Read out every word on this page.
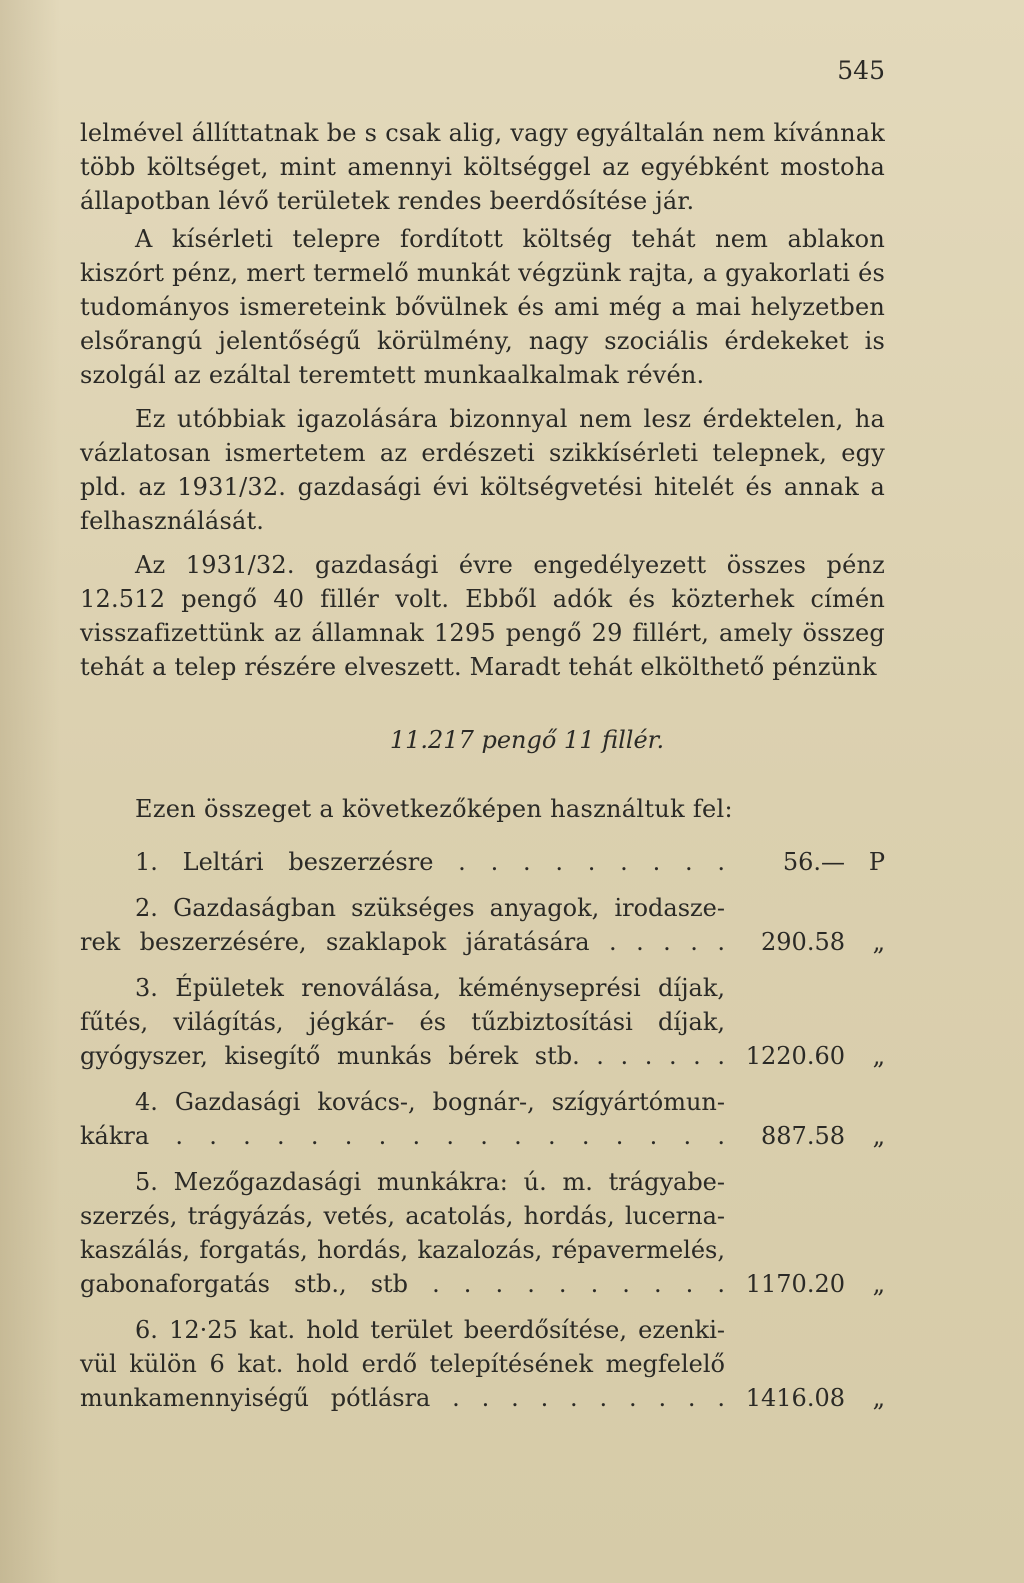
545

lelmével állíttatnak be s csak alig, vagy egyáltalán nem kívánnak több költséget, mint amennyi költséggel az egyébként mostoha állapotban lévő területek rendes beerdősítése jár.

A kísérleti telepre fordított költség tehát nem ablakon kiszórt pénz, mert termelő munkát végzünk rajta, a gyakorlati és tudományos ismereteink bővülnek és ami még a mai helyzetben elsőrangú jelentőségű körülmény, nagy szociális érdekeket is szolgál az ezáltal teremtett munkaalkalmak révén.

Ez utóbbiak igazolására bizonnyal nem lesz érdektelen, ha vázlatosan ismertetem az erdészeti szikkísérleti telepnek, egy pld. az 1931/32. gazdasági évi költségvetési hitelét és annak a felhasználását.

Az 1931/32. gazdasági évre engedélyezett összes pénz 12.512 pengő 40 fillér volt. Ebből adók és közterhek címén visszafizettünk az államnak 1295 pengő 29 fillért, amely összeg tehát a telep részére elveszett. Maradt tehát elkölthető pénzünk

11.217 pengő 11 fillér.
Ezen összeget a következőképen használtuk fel:
1. Leltári beszerzésre . . . . . . . . .	56.— P
2. Gazdaságban szükséges anyagok, irodaszerek beszerzésére, szaklapok járatására . . . . .	290.58	„
3. Épületek renoválása, kéményseprési díjak, fűtés, világítás, jégkár- és tűzbiztosítási díjak, gyógyszer, kisegítő munkás bérek stb. . . . . . . 1220.60	„
4. Gazdasági kovács-, bognár-, szígyártómunkákra . . . . . . . . . . . . . . . . .	887.58	„
5. Mezőgazdasági munkákra: ú. m. trágyabeszerzés, trágyázás, vetés, acatolás, hordás, lucernakaszálás, forgatás, hordás, kazalozás, répavermelés, gabonaforgatás stb., stb . . . . . . . . . . 1170.20	„
6. 12·25 kat. hold terület beerdősítése, ezenkivül külön 6 kat. hold erdő telepítésének megfelelő munkamennyiségű pótlásra . . . . . . . . . . 1416.08	„
